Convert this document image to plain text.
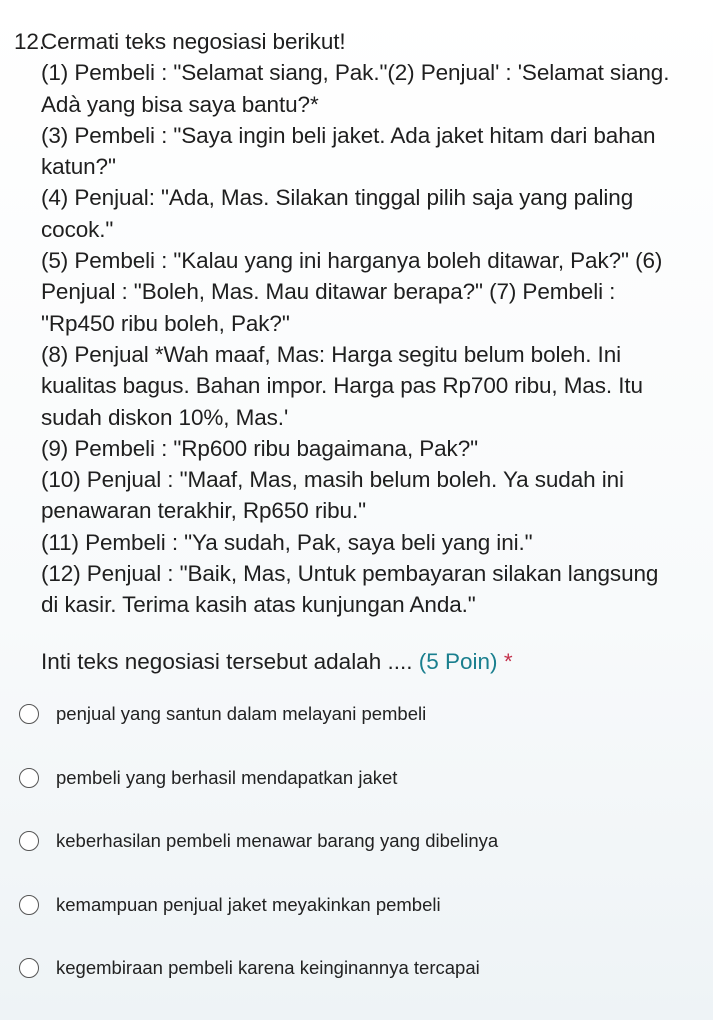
12.
Cermati teks negosiasi berikut!
(1) Pembeli : "Selamat siang, Pak."(2) Penjual' : 'Selamat siang.
Adà yang bisa saya bantu?*
(3) Pembeli : "Saya ingin beli jaket. Ada jaket hitam dari bahan
katun?"
(4) Penjual: "Ada, Mas. Silakan tinggal pilih saja yang paling
cocok."
(5) Pembeli : "Kalau yang ini harganya boleh ditawar, Pak?" (6)
Penjual : "Boleh, Mas. Mau ditawar berapa?" (7) Pembeli :
"Rp450 ribu boleh, Pak?"
(8) Penjual *Wah maaf, Mas: Harga segitu belum boleh. Ini
kualitas bagus. Bahan impor. Harga pas Rp700 ribu, Mas. Itu
sudah diskon 10%, Mas.'
(9) Pembeli : "Rp600 ribu bagaimana, Pak?"
(10) Penjual : "Maaf, Mas, masih belum boleh. Ya sudah ini
penawaran terakhir, Rp650 ribu."
(11) Pembeli : "Ya sudah, Pak, saya beli yang ini."
(12) Penjual : "Baik, Mas, Untuk pembayaran silakan langsung
di kasir. Terima kasih atas kunjungan Anda."
Inti teks negosiasi tersebut adalah .... (5 Poin) *
penjual yang santun dalam melayani pembeli
pembeli yang berhasil mendapatkan jaket
keberhasilan pembeli menawar barang yang dibelinya
kemampuan penjual jaket meyakinkan pembeli
kegembiraan pembeli karena keinginannya tercapai
